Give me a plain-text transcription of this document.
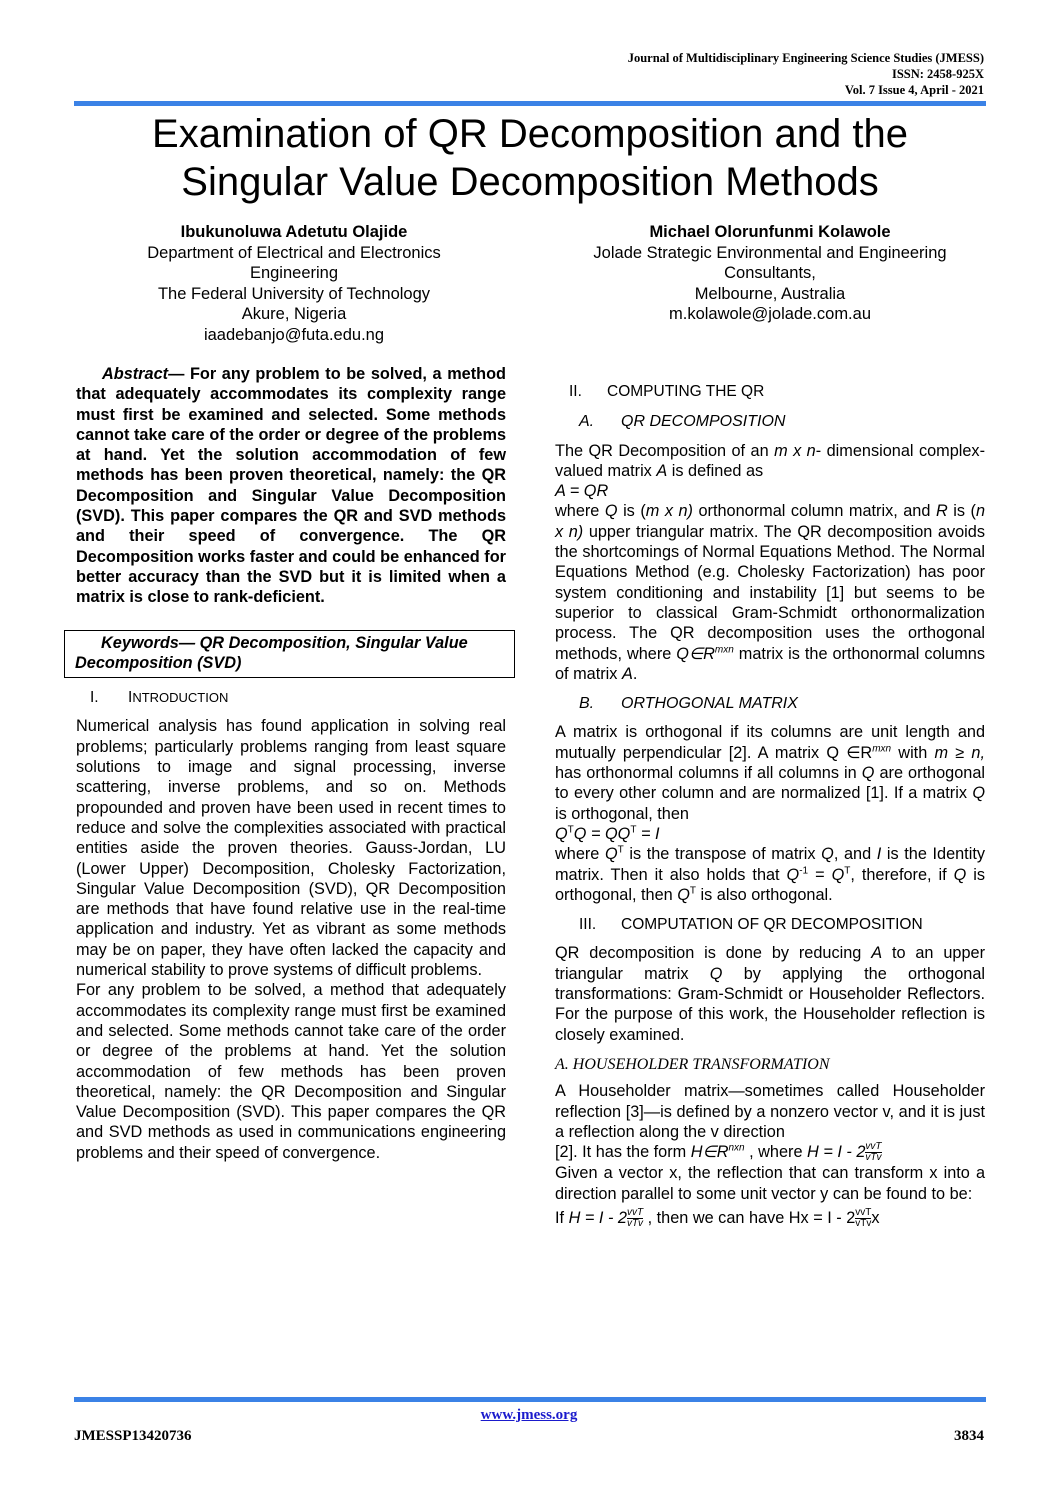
Journal of Multidisciplinary Engineering Science Studies (JMESS)
ISSN: 2458-925X
Vol. 7 Issue 4, April - 2021
Examination of QR Decomposition and the
Singular Value Decomposition Methods
Ibukunoluwa Adetutu Olajide
Department of Electrical and Electronics
Engineering
The Federal University of Technology
Akure, Nigeria
iaadebanjo@futa.edu.ng
Michael Olorunfunmi Kolawole
Jolade Strategic Environmental and Engineering
Consultants,
Melbourne, Australia
m.kolawole@jolade.com.au

Abstract— For any problem to be solved, a method that adequately accommodates its complexity range must first be examined and selected. Some methods cannot take care of the order or degree of the problems at hand. Yet the solution accommodation of few methods has been proven theoretical, namely: the QR Decomposition and Singular Value Decomposition (SVD). This paper compares the QR and SVD methods and their speed of convergence. The QR Decomposition works faster and could be enhanced for better accuracy than the SVD but it is limited when a matrix is close to rank-deficient.

Keywords— QR Decomposition, Singular Value Decomposition (SVD)
I. INTRODUCTION

Numerical analysis has found application in solving real problems; particularly problems ranging from least square solutions to image and signal processing, inverse scattering, inverse problems, and so on. Methods propounded and proven have been used in recent times to reduce and solve the complexities associated with practical entities aside the proven theories. Gauss-Jordan, LU (Lower Upper) Decomposition, Cholesky Factorization, Singular Value Decomposition (SVD), QR Decomposition are methods that have found relative use in the real-time application and industry. Yet as vibrant as some methods may be on paper, they have often lacked the capacity and numerical stability to prove systems of difficult problems.

For any problem to be solved, a method that adequately accommodates its complexity range must first be examined and selected. Some methods cannot take care of the order or degree of the problems at hand. Yet the solution accommodation of few methods has been proven theoretical, namely: the QR Decomposition and Singular Value Decomposition (SVD). This paper compares the QR and SVD methods as used in communications engineering problems and their speed of convergence.

II. COMPUTING THE QR
A. QR DECOMPOSITION

The QR Decomposition of an m x n- dimensional complex-valued matrix A is defined as

A = QR

where Q is (m x n) orthonormal column matrix, and R is (n x n) upper triangular matrix. The QR decomposition avoids the shortcomings of Normal Equations Method. The Normal Equations Method (e.g. Cholesky Factorization) has poor system conditioning and instability [1] but seems to be superior to classical Gram-Schmidt orthonormalization process. The QR decomposition uses the orthogonal methods, where $Q\in R^{mxn}$ matrix is the orthonormal columns of matrix A.

B. ORTHOGONAL MATRIX

A matrix is orthogonal if its columns are unit length and mutually perpendicular [2]. A matrix Q $\in R^{mxn}$ with m ≥ n, has orthonormal columns if all columns in Q are orthogonal to every other column and are normalized [1]. If a matrix Q is orthogonal, then

$Q^TQ = QQ^T = I$

where $Q^T$ is the transpose of matrix Q, and I is the Identity matrix. Then it also holds that $Q^{-1} = Q^T$, therefore, if Q is orthogonal, then $Q^T$ is also orthogonal.

III. COMPUTATION OF QR DECOMPOSITION

QR decomposition is done by reducing A to an upper triangular matrix Q by applying the orthogonal transformations: Gram-Schmidt or Householder Reflectors. For the purpose of this work, the Householder reflection is closely examined.

A. HOUSEHOLDER TRANSFORMATION

A Householder matrix—sometimes called Householder reflection [3]—is defined by a nonzero vector v, and it is just a reflection along the v direction

[2]. It has the form $H\in R^{nxn}$ , where $H = I - 2 \frac{\text{vvT}}{\text{vTv}}$

Given a vector x, the reflection that can transform x into a direction parallel to some unit vector y can be found to be:

If $H = I - 2 \frac{\text{vvT}}{\text{vTv}}$ , then we can have $Hx = I - 2 \frac{\text{vvT}}{\text{vTv}}$ x

www.jmess.org
JMESSP13420736	3834
